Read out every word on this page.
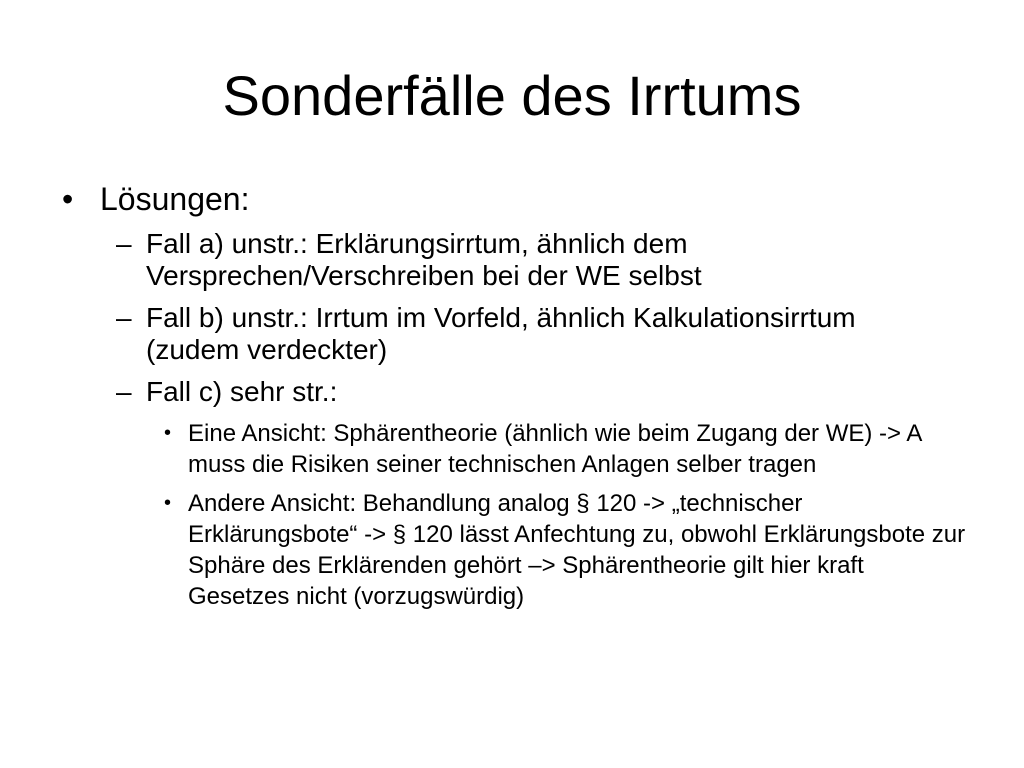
Sonderfälle des Irrtums
• Lösungen:
– Fall a) unstr.: Erklärungsirrtum, ähnlich dem Versprechen/Verschreiben bei der WE selbst
– Fall b) unstr.: Irrtum im Vorfeld, ähnlich Kalkulationsirrtum (zudem verdeckter)
– Fall c) sehr str.:
• Eine Ansicht: Sphärentheorie (ähnlich wie beim Zugang der WE) -> A muss die Risiken seiner technischen Anlagen selber tragen
• Andere Ansicht: Behandlung analog § 120 -> „technischer Erklärungsbote“ -> § 120 lässt Anfechtung zu, obwohl Erklärungsbote zur Sphäre des Erklärenden gehört –> Sphärentheorie gilt hier kraft Gesetzes nicht (vorzugswürdig)
